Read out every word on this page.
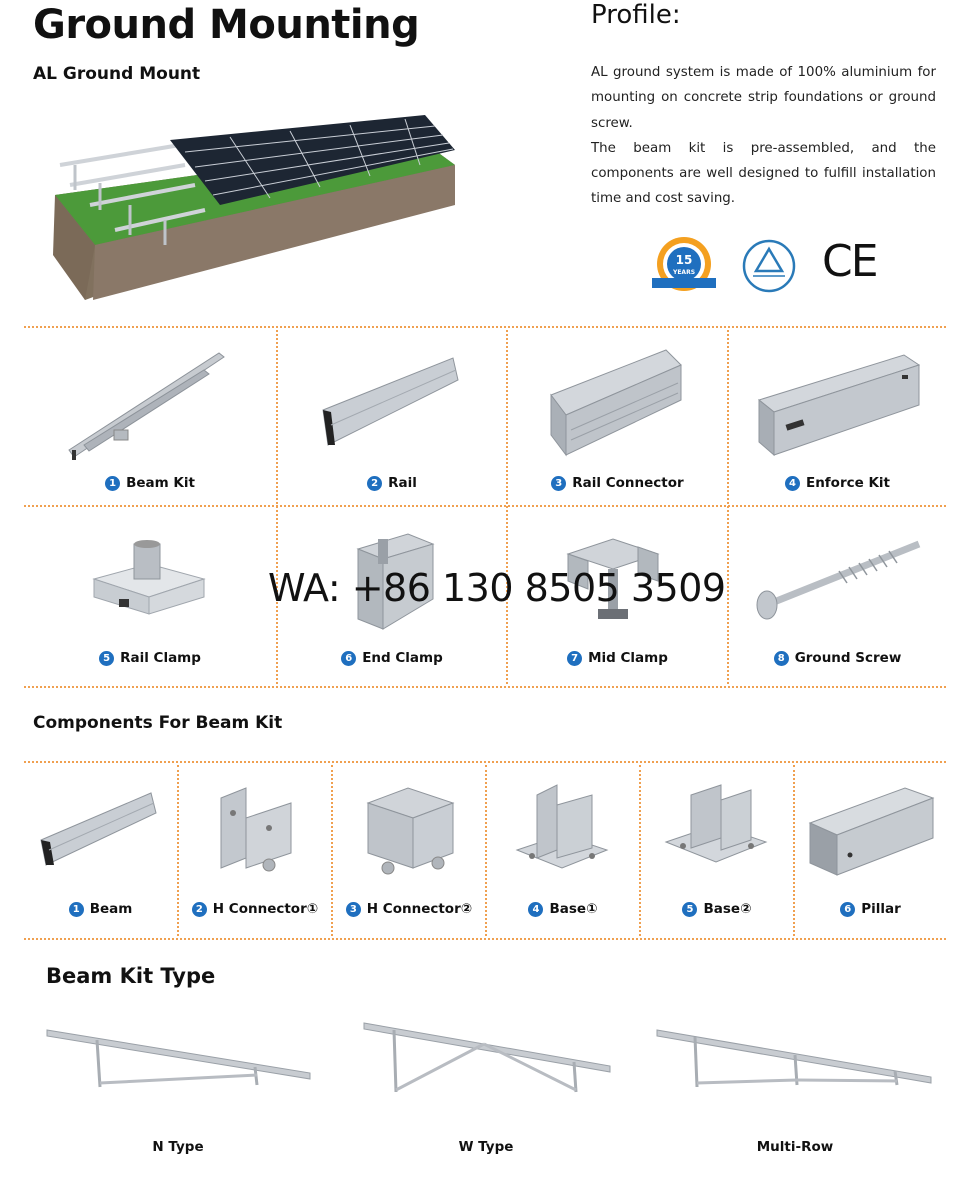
Ground Mounting
AL Ground Mount
Profile:

AL ground system is made of 100% aluminium for mounting on concrete strip foundations or ground screw.

The beam kit is pre-assembled, and the components are well designed to fulfill installation time and cost saving.

15
YEARS	CE
1 Beam Kit	2 Rail	3 Rail Connector	4 Enforce Kit
5 Rail Clamp	6 End Clamp	7 Mid Clamp	8 Ground Screw

WA: +86 130 8505 3509
Components For Beam Kit
1 Beam	2 H Connector①	3 H Connector②	4 Base①	5 Base②	6 Pillar
Beam Kit Type
N Type	W Type	Multi-Row
